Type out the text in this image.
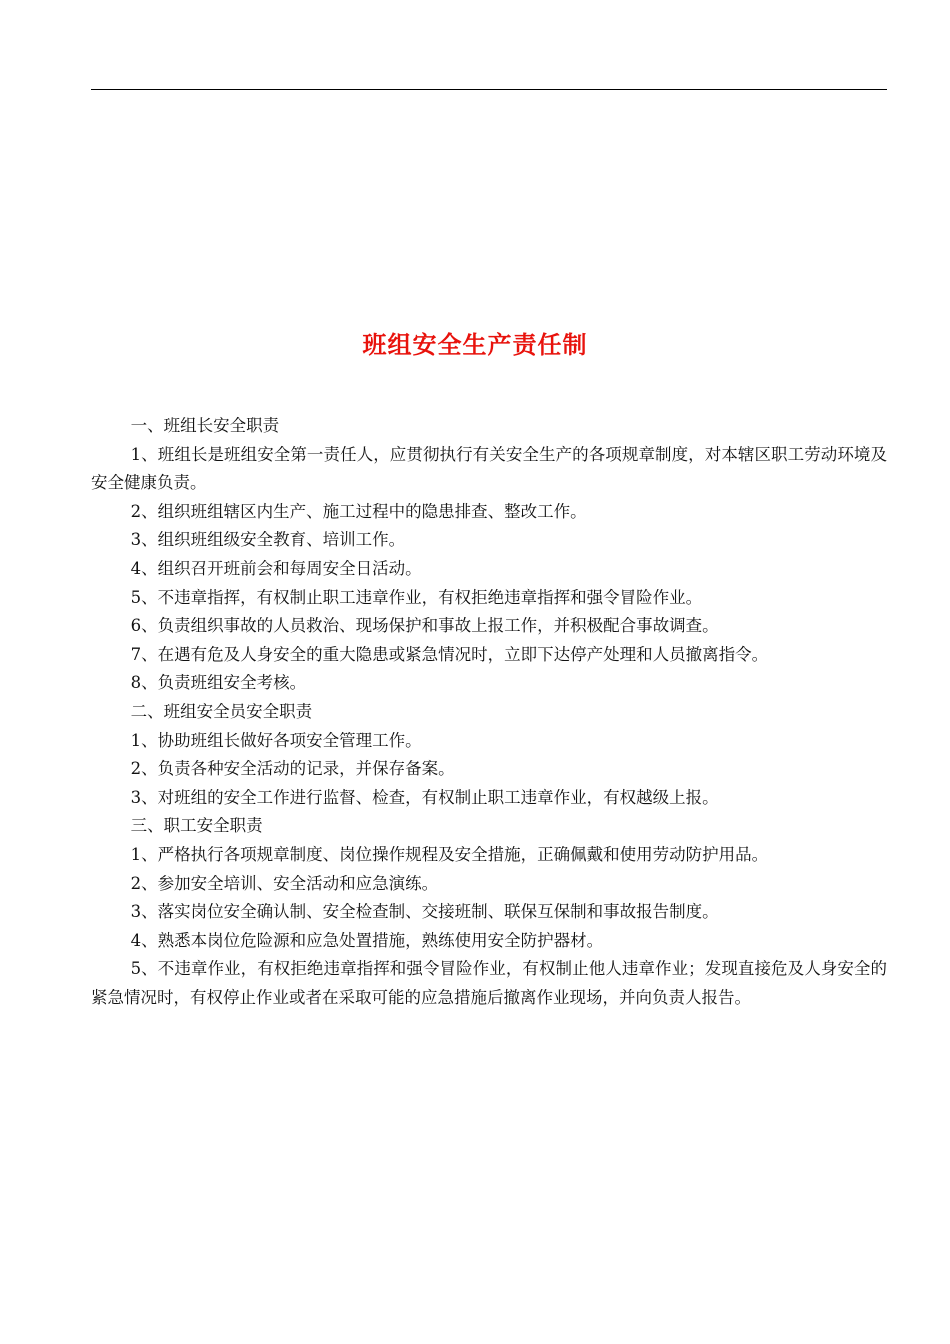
班组安全生产责任制

一、班组长安全职责

1、班组长是班组安全第一责任人，应贯彻执行有关安全生产的各项规章制度，对本辖区职工劳动环境及安全健康负责。

2、组织班组辖区内生产、施工过程中的隐患排查、整改工作。

3、组织班组级安全教育、培训工作。

4、组织召开班前会和每周安全日活动。

5、不违章指挥，有权制止职工违章作业，有权拒绝违章指挥和强令冒险作业。

6、负责组织事故的人员救治、现场保护和事故上报工作，并积极配合事故调查。

7、在遇有危及人身安全的重大隐患或紧急情况时，立即下达停产处理和人员撤离指令。

8、负责班组安全考核。

二、班组安全员安全职责

1、协助班组长做好各项安全管理工作。

2、负责各种安全活动的记录，并保存备案。

3、对班组的安全工作进行监督、检查，有权制止职工违章作业，有权越级上报。

三、职工安全职责

1、严格执行各项规章制度、岗位操作规程及安全措施，正确佩戴和使用劳动防护用品。

2、参加安全培训、安全活动和应急演练。

3、落实岗位安全确认制、安全检查制、交接班制、联保互保制和事故报告制度。

4、熟悉本岗位危险源和应急处置措施，熟练使用安全防护器材。

5、不违章作业，有权拒绝违章指挥和强令冒险作业，有权制止他人违章作业；发现直接危及人身安全的紧急情况时，有权停止作业或者在采取可能的应急措施后撤离作业现场，并向负责人报告。
